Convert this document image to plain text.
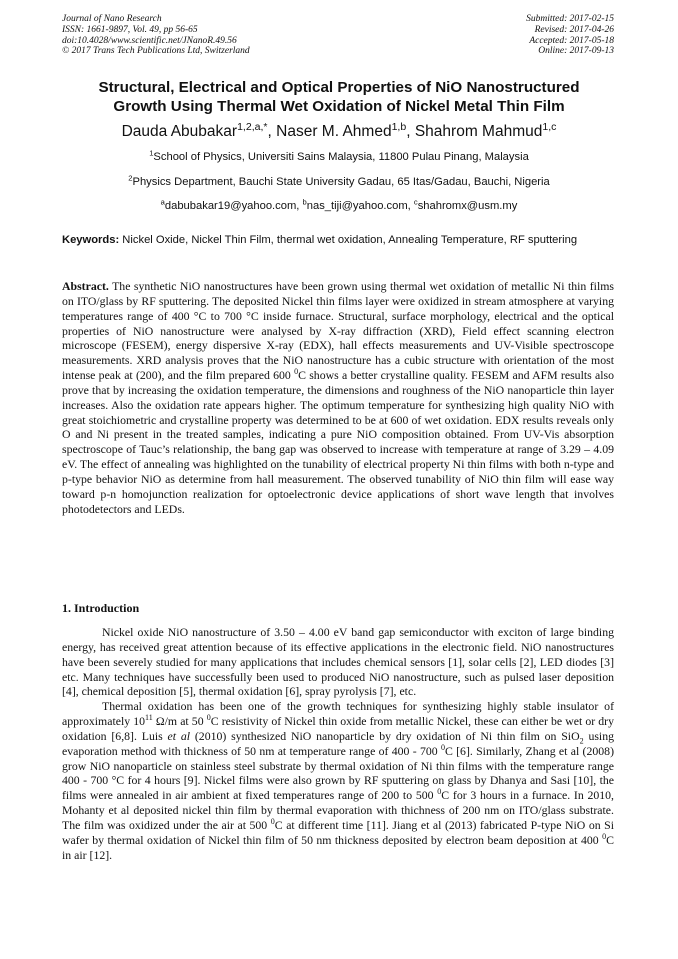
Journal of Nano Research
ISSN: 1661-9897, Vol. 49, pp 56-65
doi:10.4028/www.scientific.net/JNanoR.49.56
© 2017 Trans Tech Publications Ltd, Switzerland
Submitted: 2017-02-15
Revised: 2017-04-26
Accepted: 2017-05-18
Online: 2017-09-13
Structural, Electrical and Optical Properties of NiO Nanostructured
Growth Using Thermal Wet Oxidation of Nickel Metal Thin Film
Dauda Abubakar$^{1,2,a,*}$, Naser M. Ahmed$^{1,b}$, Shahrom Mahmud$^{1,c}$
$^1$School of Physics, Universiti Sains Malaysia, 11800 Pulau Pinang, Malaysia
$^2$Physics Department, Bauchi State University Gadau, 65 Itas/Gadau, Bauchi, Nigeria
$^a$dabubakar19@yahoo.com, $^b$nas_tiji@yahoo.com, $^c$shahromx@usm.my
Keywords: Nickel Oxide, Nickel Thin Film, thermal wet oxidation, Annealing Temperature, RF sputtering
Abstract. The synthetic NiO nanostructures have been grown using thermal wet oxidation of metallic Ni thin films on ITO/glass by RF sputtering. The deposited Nickel thin films layer were oxidized in stream atmosphere at varying temperatures range of 400 °C to 700 °C inside furnace. Structural, surface morphology, electrical and the optical properties of NiO nanostructure were analysed by X-ray diffraction (XRD), Field effect scanning electron microscope (FESEM), energy dispersive X-ray (EDX), hall effects measurements and UV-Visible spectroscope measurements. XRD analysis proves that the NiO nanostructure has a cubic structure with orientation of the most intense peak at (200), and the film prepared 600 $^0$C shows a better crystalline quality. FESEM and AFM results also prove that by increasing the oxidation temperature, the dimensions and roughness of the NiO nanoparticle thin layer increases. Also the oxidation rate appears higher. The optimum temperature for synthesizing high quality NiO with great stoichiometric and crystalline property was determined to be at 600 of wet oxidation. EDX results reveals only O and Ni present in the treated samples, indicating a pure NiO composition obtained. From UV-Vis absorption spectroscope of Tauc’s relationship, the bang gap was observed to increase with temperature at range of 3.29 – 4.09 eV. The effect of annealing was highlighted on the tunability of electrical property Ni thin films with both n-type and p-type behavior NiO as determine from hall measurement. The observed tunability of NiO thin film will ease way toward p-n homojunction realization for optoelectronic device applications of short wave length that involves photodetectors and LEDs.
1. Introduction

Nickel oxide NiO nanostructure of 3.50 – 4.00 eV band gap semiconductor with exciton of large binding energy, has received great attention because of its effective applications in the electronic field. NiO nanostructures have been severely studied for many applications that includes chemical sensors [1], solar cells [2], LED diodes [3] etc. Many techniques have successfully been used to produced NiO nanostructure, such as pulsed laser deposition [4], chemical deposition [5], thermal oxidation [6], spray pyrolysis [7], etc.

Thermal oxidation has been one of the growth techniques for synthesizing highly stable insulator of approximately $10^{11}$ Ω/m at 50 $^0$C resistivity of Nickel thin oxide from metallic Nickel, these can either be wet or dry oxidation [6,8]. Luis et al (2010) synthesized NiO nanoparticle by dry oxidation of Ni thin film on SiO$_2$ using evaporation method with thickness of 50 nm at temperature range of 400 - 700 $^0$C [6]. Similarly, Zhang et al (2008) grow NiO nanoparticle on stainless steel substrate by thermal oxidation of Ni thin films with the temperature range 400 - 700 °C for 4 hours [9]. Nickel films were also grown by RF sputtering on glass by Dhanya and Sasi [10], the films were annealed in air ambient at fixed temperatures range of 200 to 500 $^0$C for 3 hours in a furnace. In 2010, Mohanty et al deposited nickel thin film by thermal evaporation with thichness of 200 nm on ITO/glass substrate. The film was oxidized under the air at 500 $^0$C at different time [11]. Jiang et al (2013) fabricated P-type NiO on Si wafer by thermal oxidation of Nickel thin film of 50 nm thickness deposited by electron beam deposition at 400 $^0$C in air [12].
